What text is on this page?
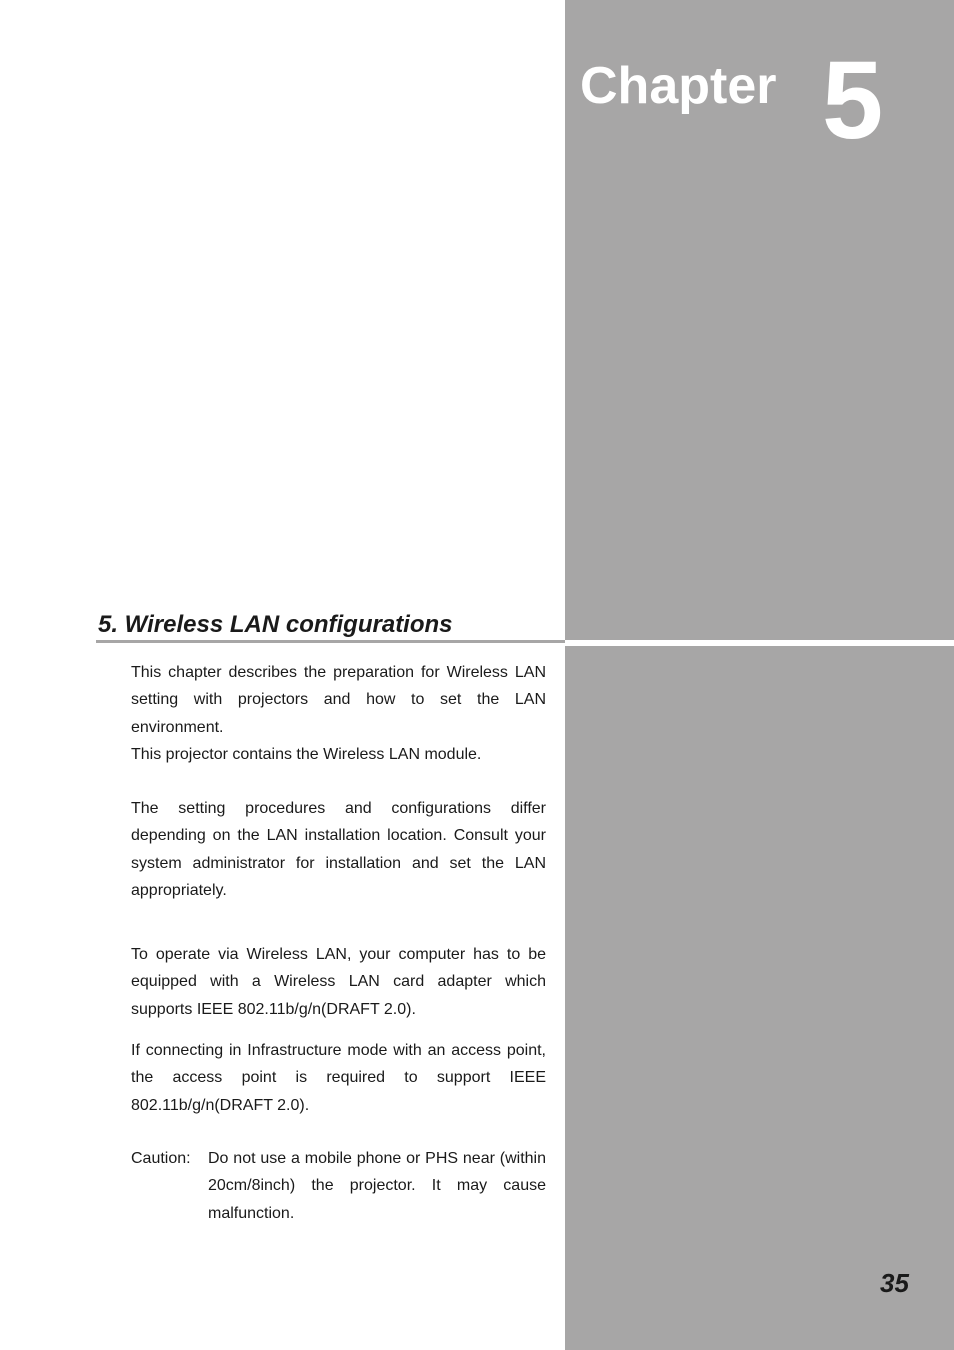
Chapter 5
5. Wireless LAN configurations

This chapter describes the preparation for Wireless LAN setting with projectors and how to set the LAN environment.

This projector contains the Wireless LAN module.

The setting procedures and configurations differ depending on the LAN installation location. Consult your system administrator for installation and set the LAN appropriately.

To operate via Wireless LAN, your computer has to be equipped with a Wireless LAN card adapter which supports IEEE 802.11b/g/n(DRAFT 2.0).

If connecting in Infrastructure mode with an access point, the access point is required to support IEEE 802.11b/g/n(DRAFT 2.0).

Caution: Do not use a mobile phone or PHS near (within 20cm/8inch) the projector. It may cause malfunction.

35
